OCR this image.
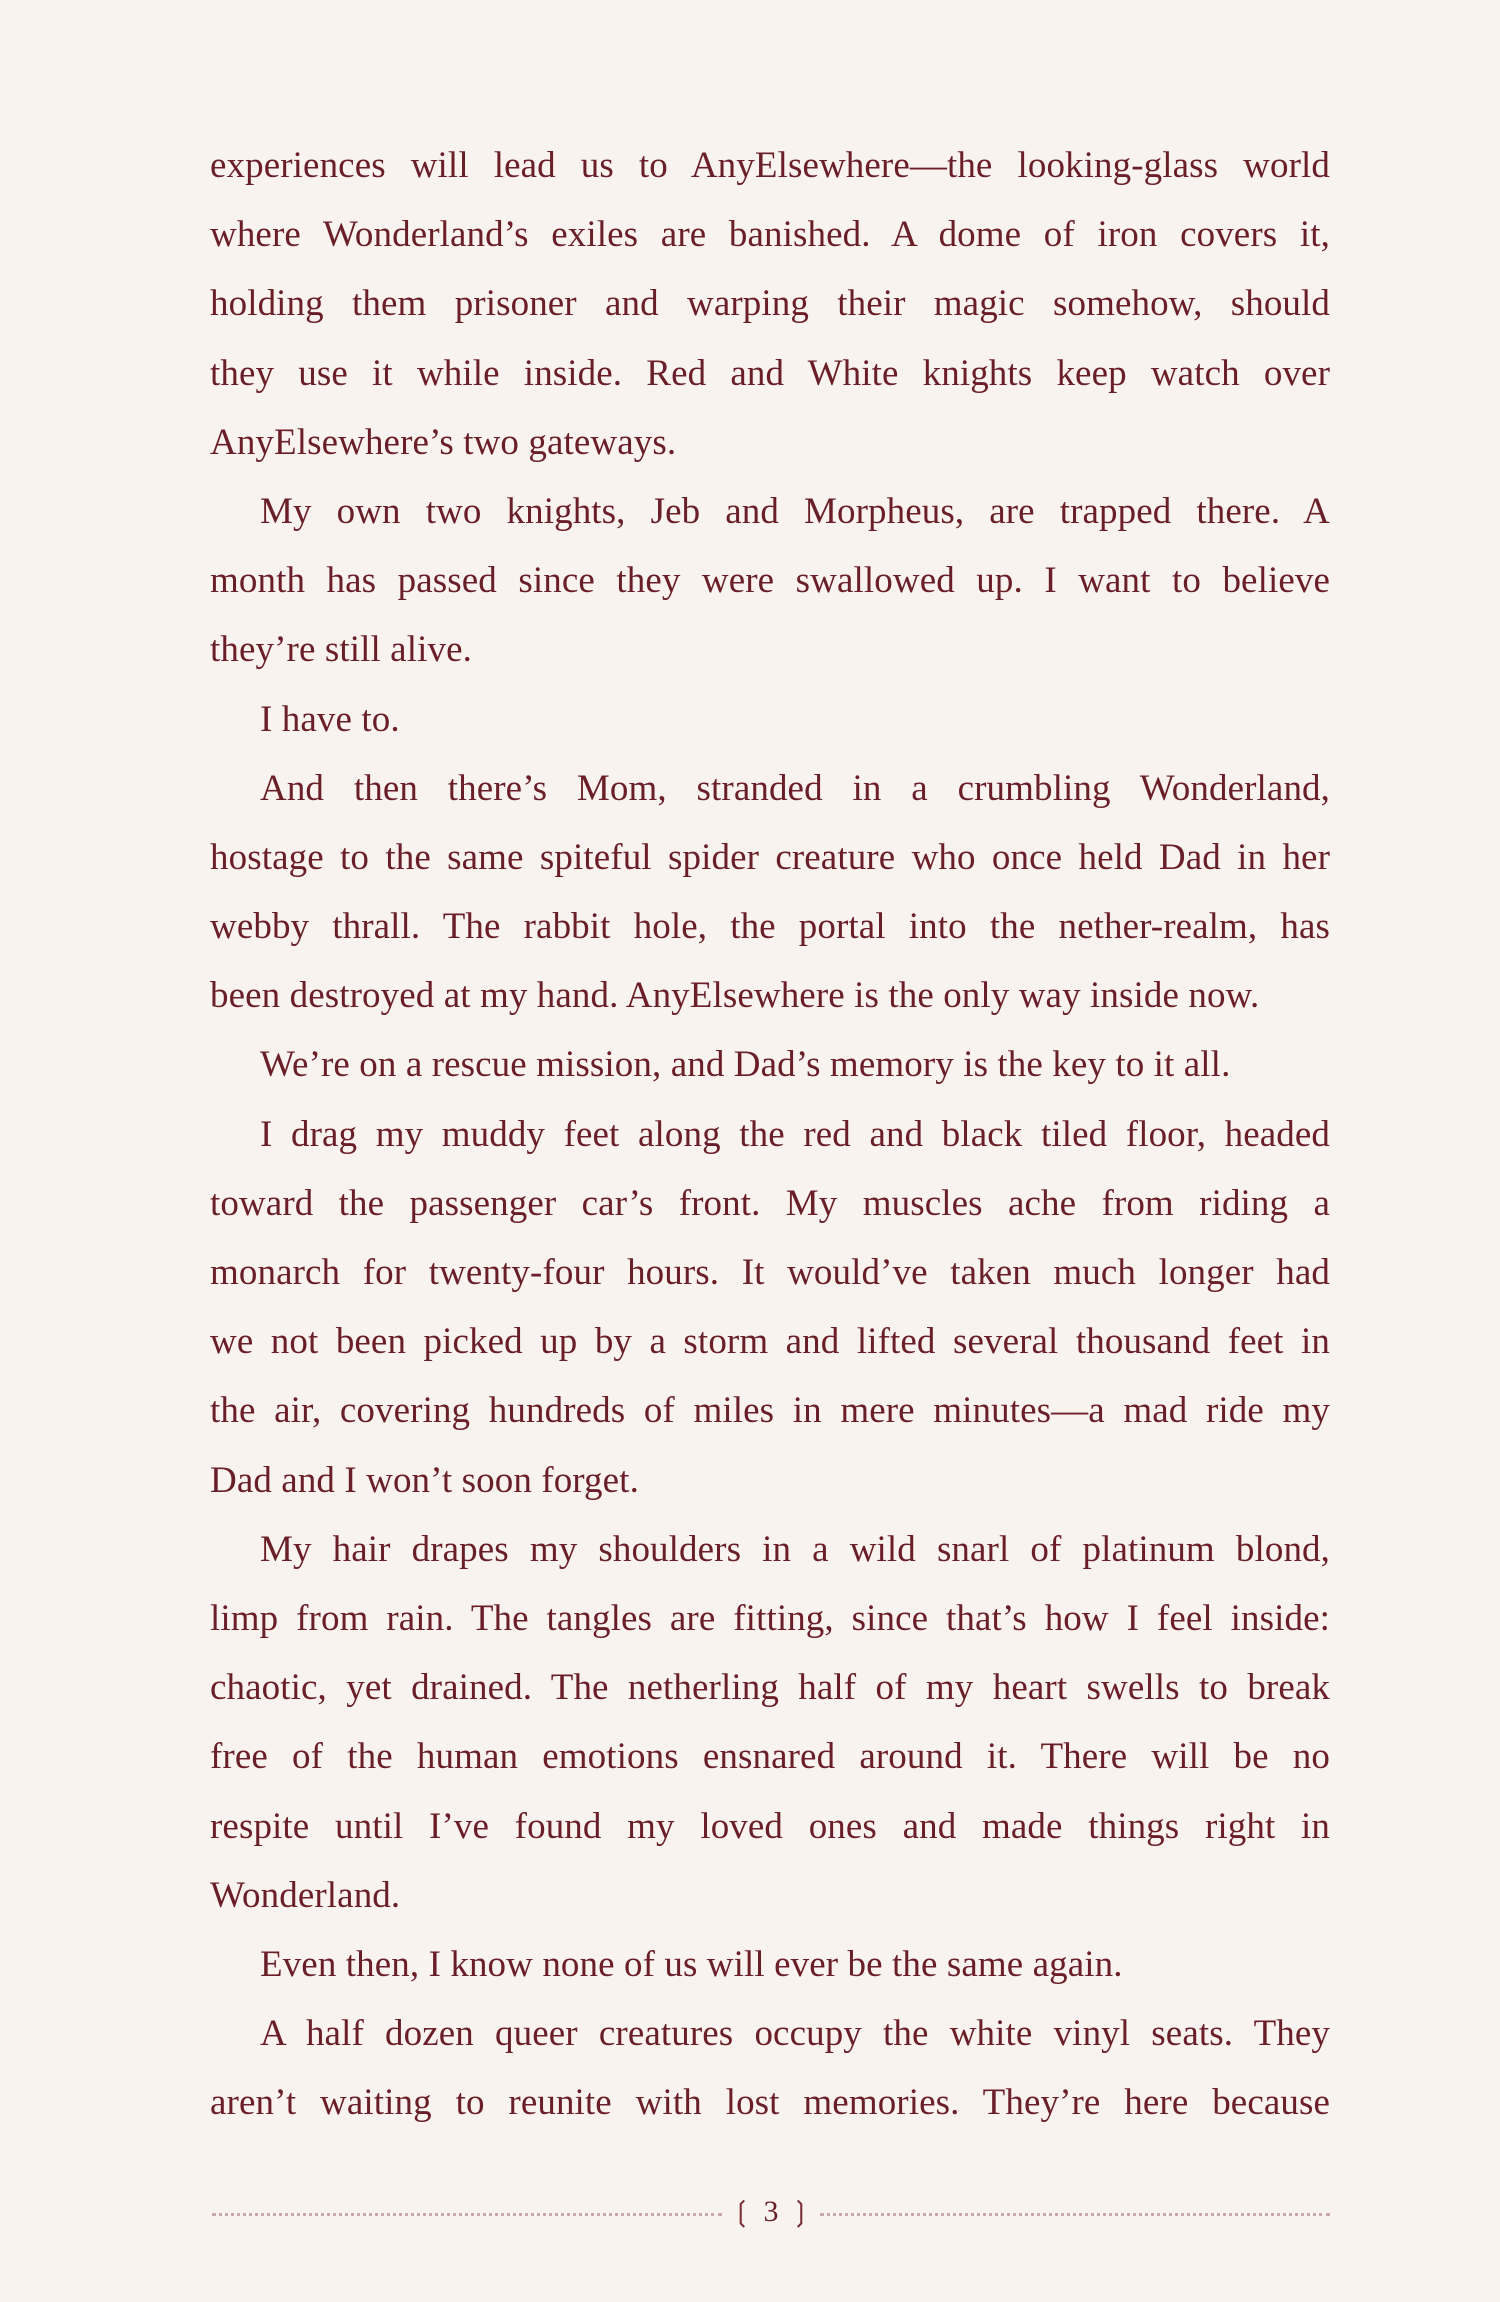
experiences will lead us to AnyElsewhere—the looking-glass world
where Wonderland’s exiles are banished. A dome of iron covers it,
holding them prisoner and warping their magic somehow, should
they use it while inside. Red and White knights keep watch over
AnyElsewhere’s two gateways.
My own two knights, Jeb and Morpheus, are trapped there. A
month has passed since they were swallowed up. I want to believe
they’re still alive.
I have to.
And then there’s Mom, stranded in a crumbling Wonderland,
hostage to the same spiteful spider creature who once held Dad in her
webby thrall. The rabbit hole, the portal into the nether-realm, has
been destroyed at my hand. AnyElsewhere is the only way inside now.
We’re on a rescue mission, and Dad’s memory is the key to it all.
I drag my muddy feet along the red and black tiled floor, headed
toward the passenger car’s front. My muscles ache from riding a
monarch for twenty-four hours. It would’ve taken much longer had
we not been picked up by a storm and lifted several thousand feet in
the air, covering hundreds of miles in mere minutes—a mad ride my
Dad and I won’t soon forget.
My hair drapes my shoulders in a wild snarl of platinum blond,
limp from rain. The tangles are fitting, since that’s how I feel inside:
chaotic, yet drained. The netherling half of my heart swells to break
free of the human emotions ensnared around it. There will be no
respite until I’ve found my loved ones and made things right in
Wonderland.
Even then, I know none of us will ever be the same again.
A half dozen queer creatures occupy the white vinyl seats. They
aren’t waiting to reunite with lost memories. They’re here because
❲ 3 ❳
